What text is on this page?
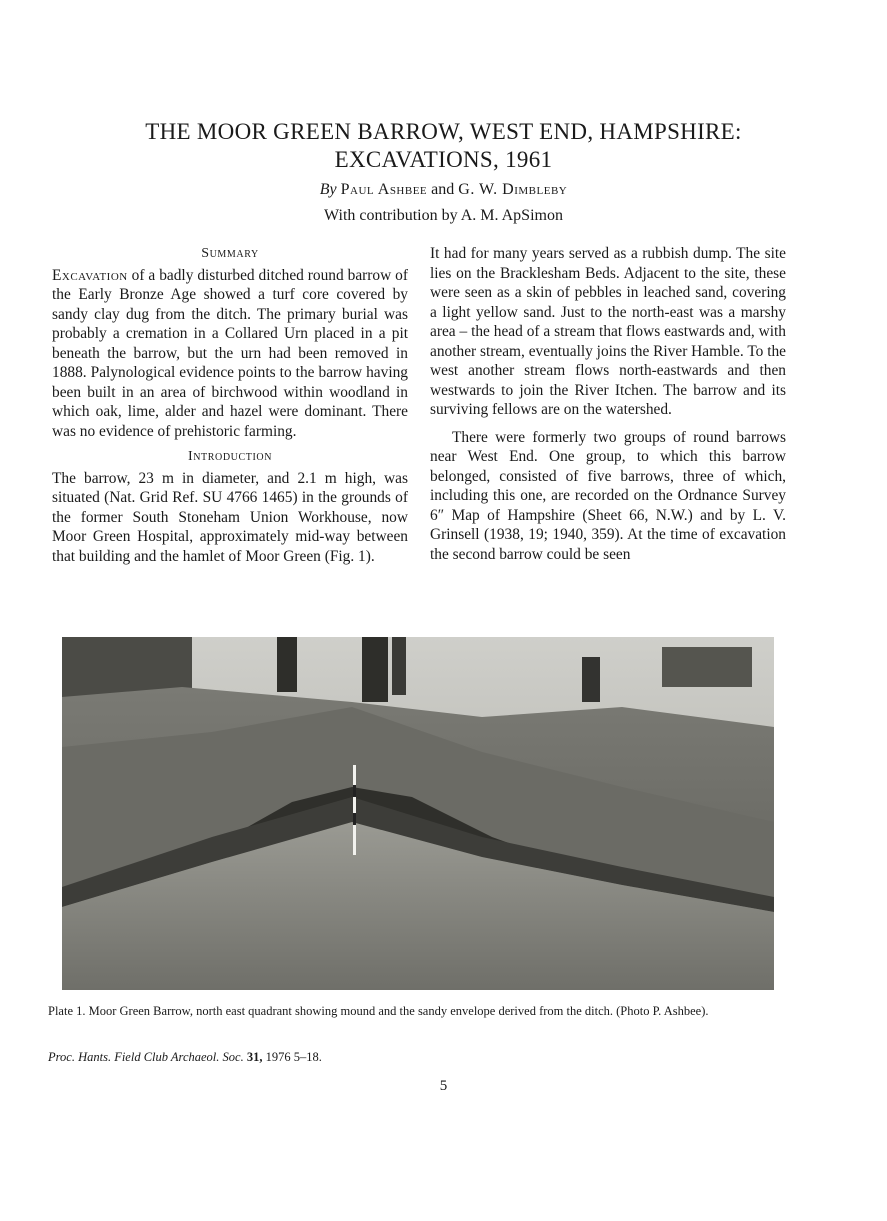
THE MOOR GREEN BARROW, WEST END, HAMPSHIRE:
EXCAVATIONS, 1961
By Paul Ashbee and G. W. Dimbleby
With contribution by A. M. ApSimon
Summary

Excavation of a badly disturbed ditched round barrow of the Early Bronze Age showed a turf core covered by sandy clay dug from the ditch. The primary burial was probably a cremation in a Collared Urn placed in a pit beneath the barrow, but the urn had been removed in 1888. Palynological evidence points to the barrow having been built in an area of birchwood within woodland in which oak, lime, alder and hazel were dominant. There was no evidence of prehistoric farming.

Introduction

The barrow, 23 m in diameter, and 2.1 m high, was situated (Nat. Grid Ref. SU 4766 1465) in the grounds of the former South Stoneham Union Workhouse, now Moor Green Hospital, approximately mid-way between that building and the hamlet of Moor Green (Fig. 1).

It had for many years served as a rubbish dump. The site lies on the Bracklesham Beds. Adjacent to the site, these were seen as a skin of pebbles in leached sand, covering a light yellow sand. Just to the north-east was a marshy area – the head of a stream that flows eastwards and, with another stream, eventually joins the River Hamble. To the west another stream flows north-eastwards and then westwards to join the River Itchen. The barrow and its surviving fellows are on the watershed.

There were formerly two groups of round barrows near West End. One group, to which this barrow belonged, consisted of five barrows, three of which, including this one, are recorded on the Ordnance Survey 6″ Map of Hampshire (Sheet 66, N.W.) and by L. V. Grinsell (1938, 19; 1940, 359). At the time of excavation the second barrow could be seen

Plate 1. Moor Green Barrow, north east quadrant showing mound and the sandy envelope derived from the ditch. (Photo P. Ashbee).
Proc. Hants. Field Club Archaeol. Soc. 31, 1976 5–18.
5
